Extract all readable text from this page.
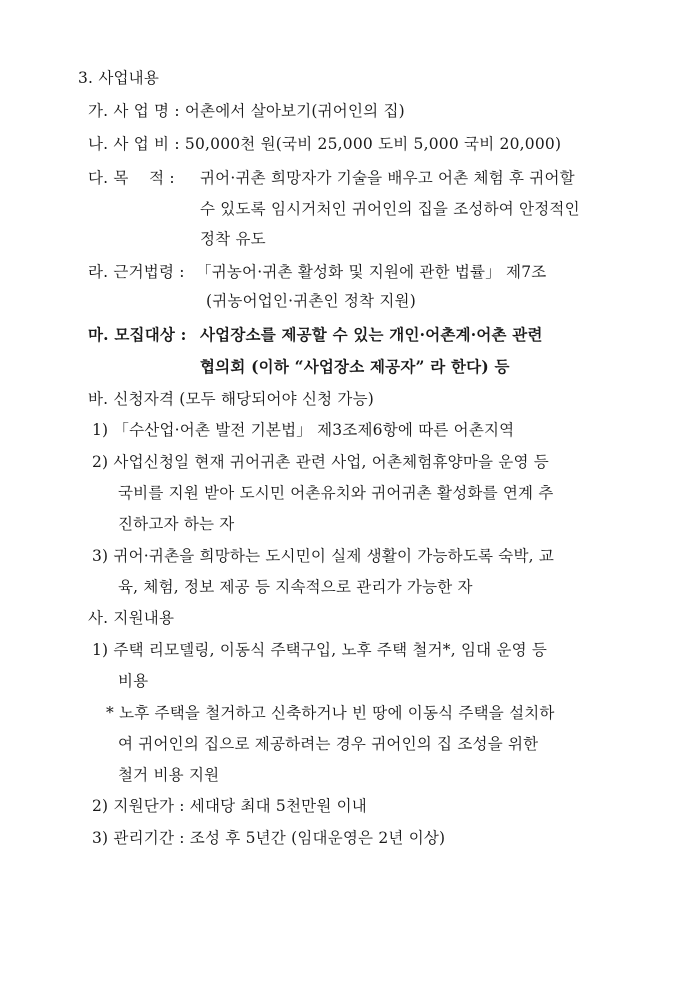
3. 사업내용
가. 사 업 명 : 어촌에서 살아보기(귀어인의 집)
나. 사 업 비 : 50,000천 원(국비 25,000 도비 5,000 국비 20,000)
다. 목    적 : 귀어·귀촌 희망자가 기술을 배우고 어촌 체험 후 귀어할
수 있도록 임시거처인 귀어인의 집을 조성하여 안정적인
정착 유도
라. 근거법령 : 「귀농어·귀촌 활성화 및 지원에 관한 법률」 제7조
(귀농어업인·귀촌인 정착 지원)
마. 모집대상 : 사업장소를 제공할 수 있는 개인·어촌계·어촌 관련
협의회 (이하 “사업장소 제공자” 라 한다) 등
바. 신청자격 (모두 해당되어야 신청 가능)
1) 「수산업·어촌 발전 기본법」 제3조제6항에 따른 어촌지역
2) 사업신청일 현재 귀어귀촌 관련 사업, 어촌체험휴양마을 운영 등
국비를 지원 받아 도시민 어촌유치와 귀어귀촌 활성화를 연계 추
진하고자 하는 자
3) 귀어·귀촌을 희망하는 도시민이 실제 생활이 가능하도록 숙박, 교
육, 체험, 정보 제공 등 지속적으로 관리가 가능한 자
사. 지원내용
1) 주택 리모델링, 이동식 주택구입, 노후 주택 철거*, 임대 운영 등
비용
* 노후 주택을 철거하고 신축하거나 빈 땅에 이동식 주택을 설치하
여 귀어인의 집으로 제공하려는 경우 귀어인의 집 조성을 위한
철거 비용 지원
2) 지원단가 : 세대당 최대 5천만원 이내
3) 관리기간 : 조성 후 5년간 (임대운영은 2년 이상)
